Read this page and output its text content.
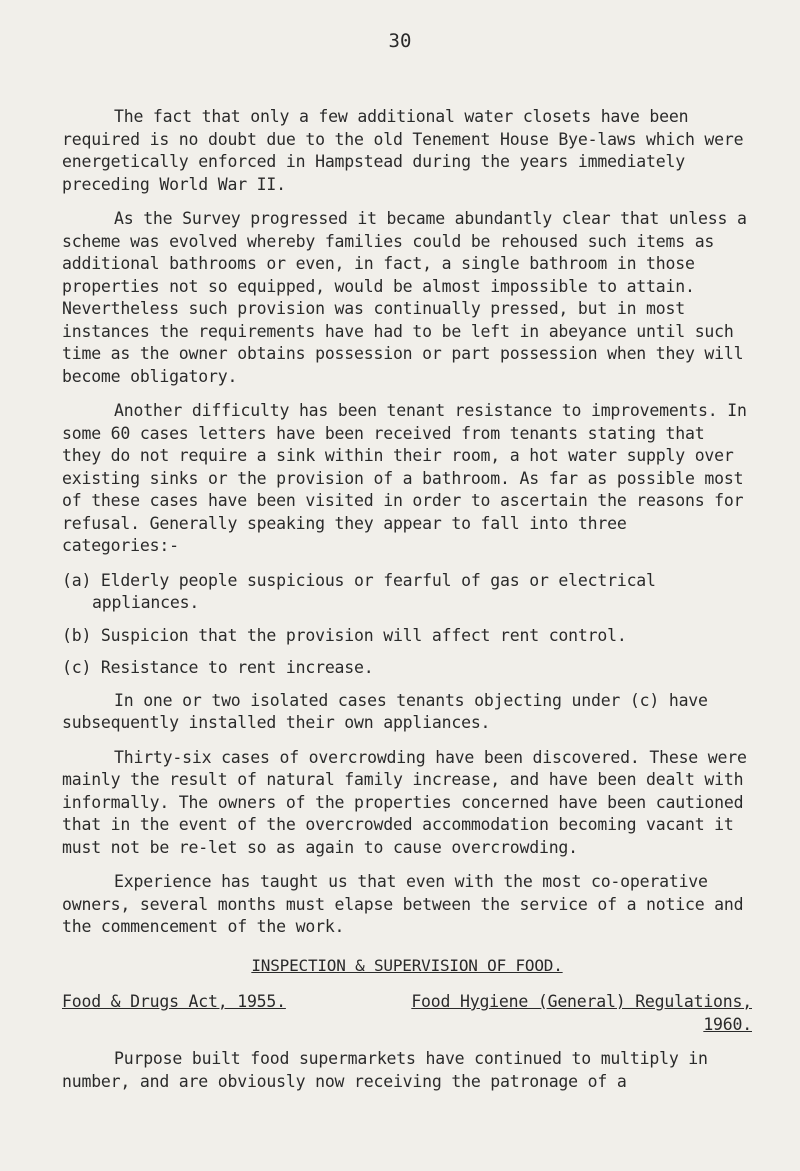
30

The fact that only a few additional water closets have been required is no doubt due to the old Tenement House Bye-laws which were energetically enforced in Hampstead during the years immediately preceding World War II.

As the Survey progressed it became abundantly clear that unless a scheme was evolved whereby families could be rehoused such items as additional bathrooms or even, in fact, a single bathroom in those properties not so equipped, would be almost impossible to attain. Nevertheless such provision was continually pressed, but in most instances the requirements have had to be left in abeyance until such time as the owner obtains possession or part possession when they will become obligatory.

Another difficulty has been tenant resistance to improvements. In some 60 cases letters have been received from tenants stating that they do not require a sink within their room, a hot water supply over existing sinks or the provision of a bathroom. As far as possible most of these cases have been visited in order to ascertain the reasons for refusal. Generally speaking they appear to fall into three categories:-

(a) Elderly people suspicious or fearful of gas or electrical appliances.

(b) Suspicion that the provision will affect rent control.

(c) Resistance to rent increase.

In one or two isolated cases tenants objecting under (c) have subsequently installed their own appliances.

Thirty-six cases of overcrowding have been discovered. These were mainly the result of natural family increase, and have been dealt with informally. The owners of the properties concerned have been cautioned that in the event of the overcrowded accommodation becoming vacant it must not be re-let so as again to cause overcrowding.

Experience has taught us that even with the most co-operative owners, several months must elapse between the service of a notice and the commencement of the work.

INSPECTION & SUPERVISION OF FOOD.
Food & Drugs Act, 1955.	Food Hygiene (General) Regulations,
1960.

Purpose built food supermarkets have continued to multiply in number, and are obviously now receiving the patronage of a
